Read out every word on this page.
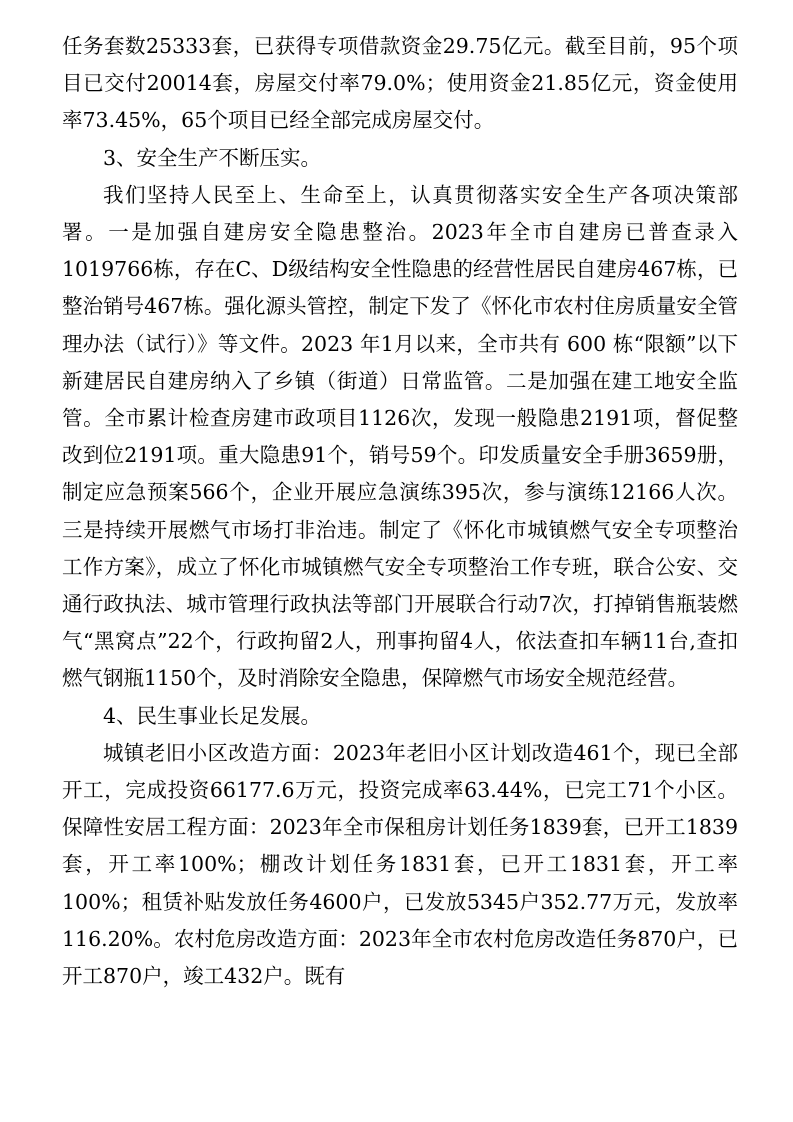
任务套数25333套，已获得专项借款资金29.75亿元。截至目前，95个项目已交付20014套，房屋交付率79.0%；使用资金21.85亿元，资金使用率73.45%，65个项目已经全部完成房屋交付。

3、安全生产不断压实。

我们坚持人民至上、生命至上，认真贯彻落实安全生产各项决策部署。一是加强自建房安全隐患整治。2023年全市自建房已普查录入1019766栋，存在C、D级结构安全性隐患的经营性居民自建房467栋，已整治销号467栋。强化源头管控，制定下发了《怀化市农村住房质量安全管理办法（试行）》等文件。2023 年1月以来，全市共有 600 栋“限额”以下新建居民自建房纳入了乡镇（街道）日常监管。二是加强在建工地安全监管。全市累计检查房建市政项目1126次，发现一般隐患2191项，督促整改到位2191项。重大隐患91个，销号59个。印发质量安全手册3659册，制定应急预案566个，企业开展应急演练395次，参与演练12166人次。三是持续开展燃气市场打非治违。制定了《怀化市城镇燃气安全专项整治工作方案》，成立了怀化市城镇燃气安全专项整治工作专班，联合公安、交通行政执法、城市管理行政执法等部门开展联合行动7次，打掉销售瓶装燃气“黑窝点”22个，行政拘留2人，刑事拘留4人，依法查扣车辆11台,查扣燃气钢瓶1150个，及时消除安全隐患，保障燃气市场安全规范经营。

4、民生事业长足发展。

城镇老旧小区改造方面：2023年老旧小区计划改造461个，现已全部开工，完成投资66177.6万元，投资完成率63.44%，已完工71个小区。保障性安居工程方面：2023年全市保租房计划任务1839套，已开工1839套，开工率100%；棚改计划任务1831套，已开工1831套，开工率100%；租赁补贴发放任务4600户，已发放5345户352.77万元，发放率116.20%。农村危房改造方面：2023年全市农村危房改造任务870户，已开工870户，竣工432户。既有
